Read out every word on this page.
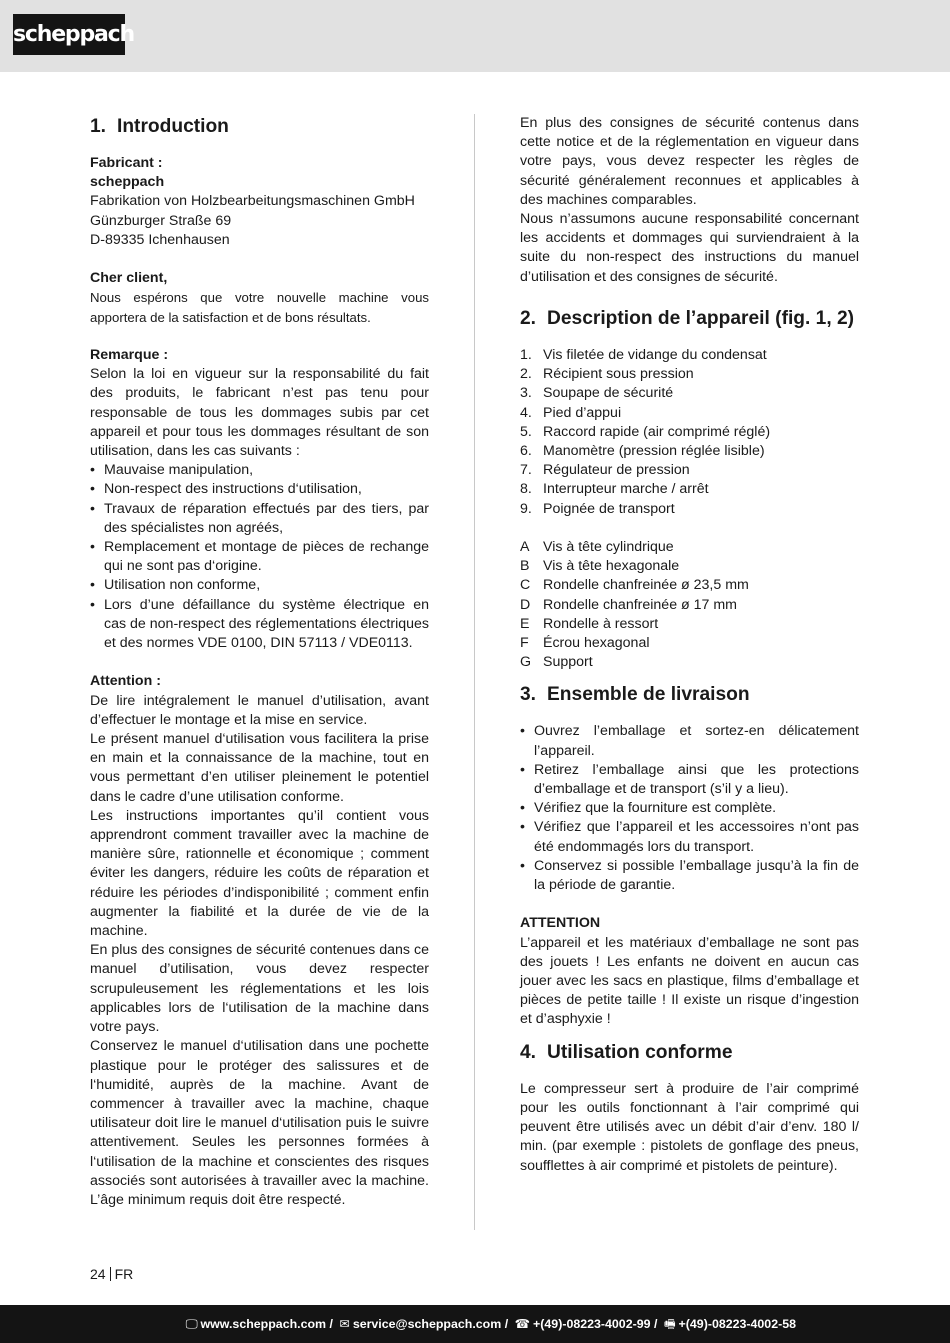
scheppach
1. Introduction
Fabricant :
scheppach
Fabrikation von Holzbearbeitungsmaschinen GmbH
Günzburger Straße 69
D-89335 Ichenhausen
Cher client,

Nous espérons que votre nouvelle machine vous apportera de la satisfaction et de bons résultats.

Remarque :

Selon la loi en vigueur sur la responsabilité du fait des produits, le fabricant n’est pas tenu pour responsable de tous les dommages subis par cet appareil et pour tous les dommages résultant de son utilisation, dans les cas suivants :

• Mauvaise manipulation,
• Non-respect des instructions d‘utilisation,
• Travaux de réparation effectués par des tiers, par des spécialistes non agréés,
• Remplacement et montage de pièces de rechange qui ne sont pas d‘origine.
• Utilisation non conforme,
• Lors d’une défaillance du système électrique en cas de non-respect des réglementations électriques et des normes VDE 0100, DIN 57113 / VDE0113.
Attention :

De lire intégralement le manuel d’utilisation, avant d’effectuer le montage et la mise en service.

Le présent manuel d‘utilisation vous facilitera la prise en main et la connaissance de la machine, tout en vous permettant d’en utiliser pleinement le potentiel dans le cadre d’une utilisation conforme.

Les instructions importantes qu’il contient vous apprendront comment travailler avec la machine de manière sûre, rationnelle et économique ; comment éviter les dangers, réduire les coûts de réparation et réduire les périodes d’indisponibilité ; comment enfin augmenter la fiabilité et la durée de vie de la machine.

En plus des consignes de sécurité contenues dans ce manuel d’utilisation, vous devez respecter scrupuleusement les réglementations et les lois applicables lors de l‘utilisation de la machine dans votre pays.

Conservez le manuel d‘utilisation dans une pochette plastique pour le protéger des salissures et de l‘humidité, auprès de la machine. Avant de commencer à travailler avec la machine, chaque utilisateur doit lire le manuel d‘utilisation puis le suivre attentivement. Seules les personnes formées à l‘utilisation de la machine et conscientes des risques associés sont autorisées à travailler avec la machine. L’âge minimum requis doit être respecté.

En plus des consignes de sécurité contenus dans cette notice et de la réglementation en vigueur dans votre pays, vous devez respecter les règles de sécurité généralement reconnues et applicables à des machines comparables.

Nous n’assumons aucune responsabilité concernant les accidents et dommages qui surviendraient à la suite du non-respect des instructions du manuel d’utilisation et des consignes de sécurité.

2. Description de l’appareil (fig. 1, 2)
1. Vis filetée de vidange du condensat
2. Récipient sous pression
3. Soupape de sécurité
4. Pied d’appui
5. Raccord rapide (air comprimé réglé)
6. Manomètre (pression réglée lisible)
7. Régulateur de pression
8. Interrupteur marche / arrêt
9. Poignée de transport
A Vis à tête cylindrique
B Vis à tête hexagonale
C Rondelle chanfreinée ø 23,5 mm
D Rondelle chanfreinée ø 17 mm
E Rondelle à ressort
F	Écrou hexagonal
G Support
3. Ensemble de livraison
• Ouvrez l’emballage et sortez-en délicatement l’appareil.
• Retirez l’emballage ainsi que les protections d’emballage et de transport (s’il y a lieu).
• Vérifiez que la fourniture est complète.
• Vérifiez que l’appareil et les accessoires n’ont pas été endommagés lors du transport.
• Conservez si possible l’emballage jusqu’à la fin de la période de garantie.
ATTENTION

L’appareil et les matériaux d’emballage ne sont pas des jouets ! Les enfants ne doivent en aucun cas jouer avec les sacs en plastique, films d’emballage et pièces de petite taille ! Il existe un risque d’ingestion et d’asphyxie !

4. Utilisation conforme

Le compresseur sert à produire de l’air comprimé pour les outils fonctionnant à l’air comprimé qui peuvent être utilisés avec un débit d’air d’env. 180 l/ min. (par exemple : pistolets de gonflage des pneus, soufflettes à air comprimé et pistolets de peinture).

24 FR
🖵 www.scheppach.com / ✉ service@scheppach.com / ☎ +(49)-08223-4002-99 / 🖷 +(49)-08223-4002-58
